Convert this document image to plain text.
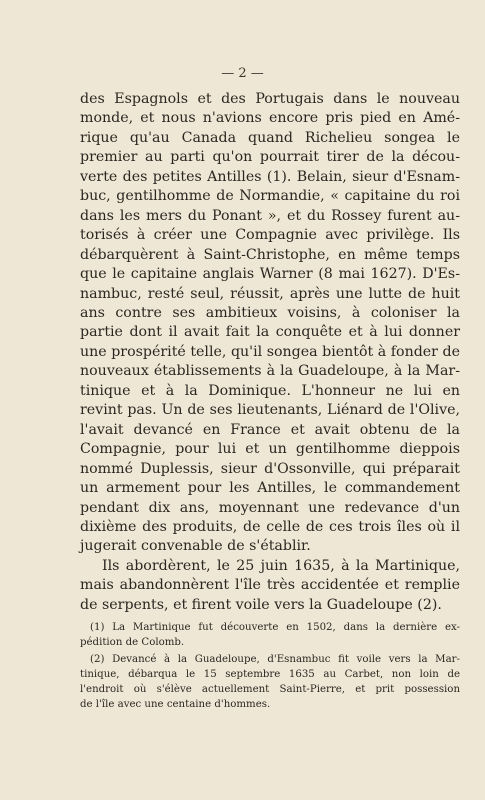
— 2 —
des Espagnols et des Portugais dans le nouveau
monde, et nous n'avions encore pris pied en Amé-
rique qu'au Canada quand Richelieu songea le
premier au parti qu'on pourrait tirer de la décou-
verte des petites Antilles (1). Belain, sieur d'Esnam-
buc, gentilhomme de Normandie, « capitaine du roi
dans les mers du Ponant », et du Rossey furent au-
torisés à créer une Compagnie avec privilège. Ils
débarquèrent à Saint-Christophe, en même temps
que le capitaine anglais Warner (8 mai 1627). D'Es-
nambuc, resté seul, réussit, après une lutte de huit
ans contre ses ambitieux voisins, à coloniser la
partie dont il avait fait la conquête et à lui donner
une prospérité telle, qu'il songea bientôt à fonder de
nouveaux établissements à la Guadeloupe, à la Mar-
tinique et à la Dominique. L'honneur ne lui en
revint pas. Un de ses lieutenants, Liénard de l'Olive,
l'avait devancé en France et avait obtenu de la
Compagnie, pour lui et un gentilhomme dieppois
nommé Duplessis, sieur d'Ossonville, qui préparait
un armement pour les Antilles, le commandement
pendant dix ans, moyennant une redevance d'un
dixième des produits, de celle de ces trois îles où il
jugerait convenable de s'établir.
Ils abordèrent, le 25 juin 1635, à la Martinique,
mais abandonnèrent l'île très accidentée et remplie
de serpents, et firent voile vers la Guadeloupe (2).
(1) La Martinique fut découverte en 1502, dans la dernière ex-
pédition de Colomb.
(2) Devancé à la Guadeloupe, d'Esnambuc fit voile vers la Mar-
tinique, débarqua le 15 septembre 1635 au Carbet, non loin de
l'endroit où s'élève actuellement Saint-Pierre, et prit possession
de l'île avec une centaine d'hommes.
